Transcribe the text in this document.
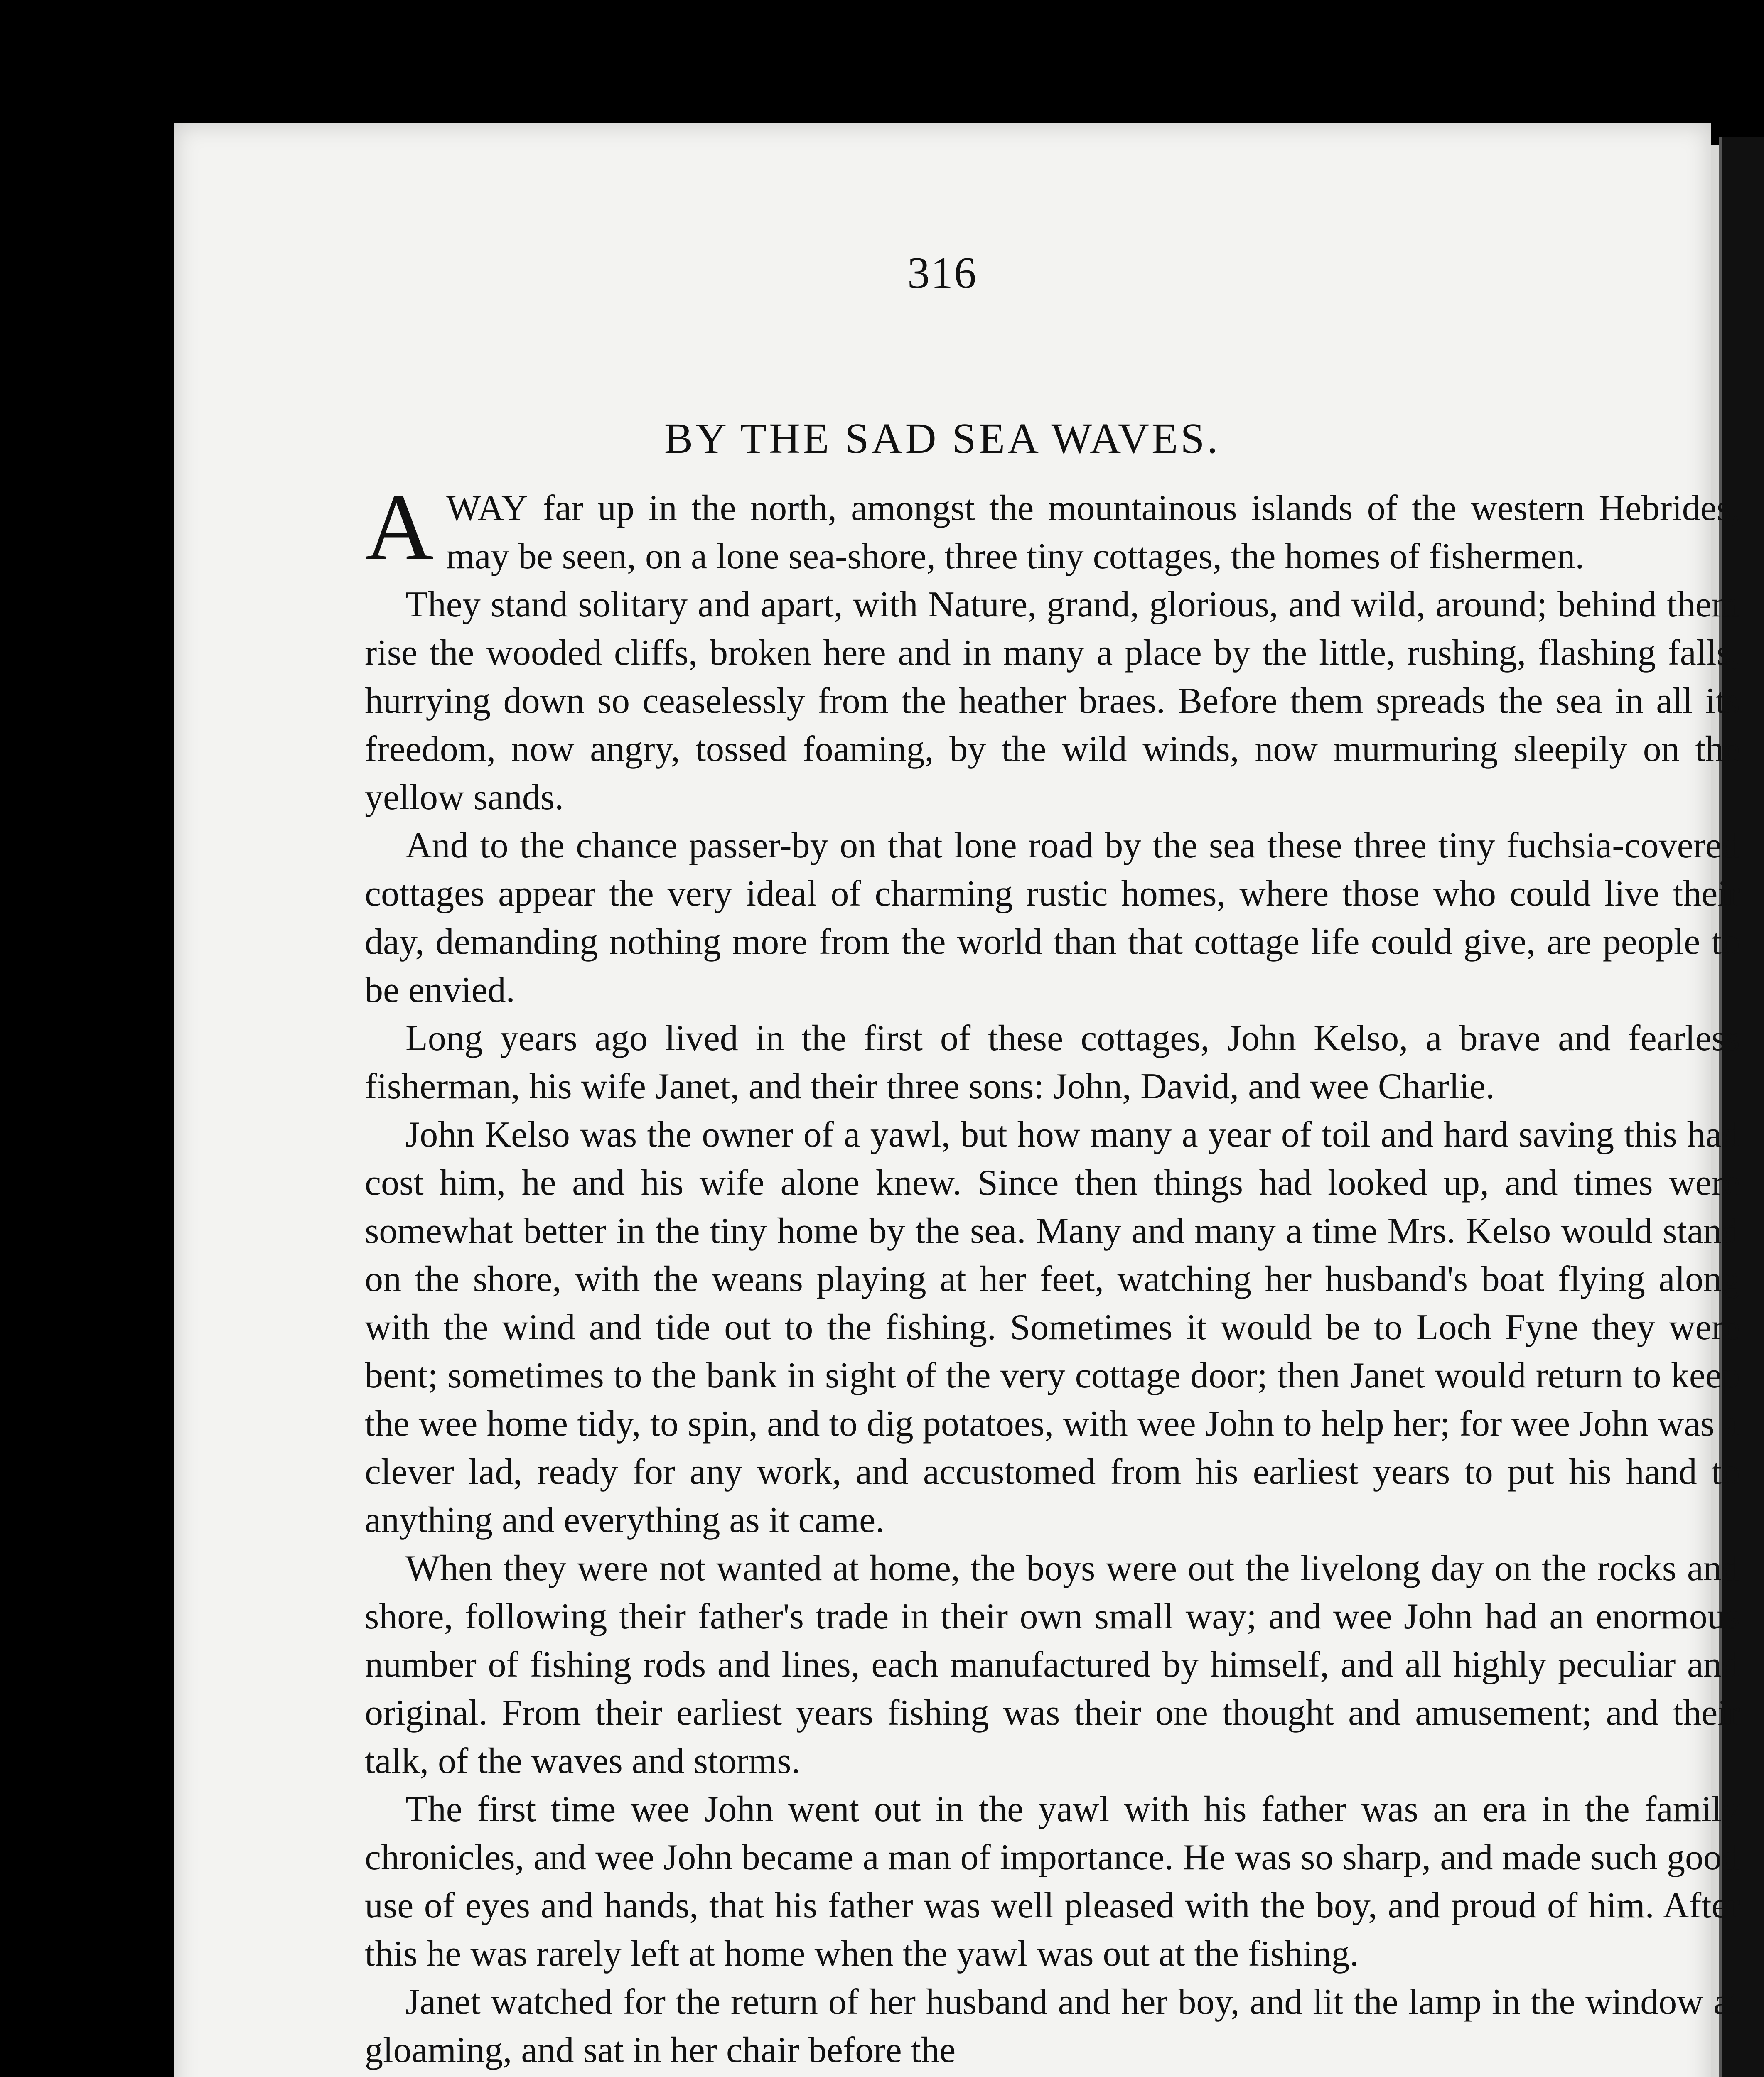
316
BY THE SAD SEA WAVES.

AWAY far up in the north, amongst the mountainous islands of the western Hebrides, may be seen, on a lone sea-shore, three tiny cottages, the homes of fishermen.

They stand solitary and apart, with Nature, grand, glorious, and wild, around; behind them rise the wooded cliffs, broken here and in many a place by the little, rushing, flashing falls, hurrying down so ceaselessly from the heather braes. Before them spreads the sea in all its freedom, now angry, tossed foaming, by the wild winds, now murmuring sleepily on the yellow sands.

And to the chance passer-by on that lone road by the sea these three tiny fuchsia-covered cottages appear the very ideal of charming rustic homes, where those who could live their day, demanding nothing more from the world than that cottage life could give, are people to be envied.

Long years ago lived in the first of these cottages, John Kelso, a brave and fearless fisherman, his wife Janet, and their three sons: John, David, and wee Charlie.

John Kelso was the owner of a yawl, but how many a year of toil and hard saving this had cost him, he and his wife alone knew. Since then things had looked up, and times were somewhat better in the tiny home by the sea. Many and many a time Mrs. Kelso would stand on the shore, with the weans playing at her feet, watching her husband's boat flying along with the wind and tide out to the fishing. Sometimes it would be to Loch Fyne they were bent; sometimes to the bank in sight of the very cottage door; then Janet would return to keep the wee home tidy, to spin, and to dig potatoes, with wee John to help her; for wee John was a clever lad, ready for any work, and accustomed from his earliest years to put his hand to anything and everything as it came.

When they were not wanted at home, the boys were out the livelong day on the rocks and shore, following their father's trade in their own small way; and wee John had an enormous number of fishing rods and lines, each manufactured by himself, and all highly peculiar and original. From their earliest years fishing was their one thought and amusement; and their talk, of the waves and storms.

The first time wee John went out in the yawl with his father was an era in the family chronicles, and wee John became a man of importance. He was so sharp, and made such good use of eyes and hands, that his father was well pleased with the boy, and proud of him. After this he was rarely left at home when the yawl was out at the fishing.

Janet watched for the return of her husband and her boy, and lit the lamp in the window at gloaming, and sat in her chair before the
